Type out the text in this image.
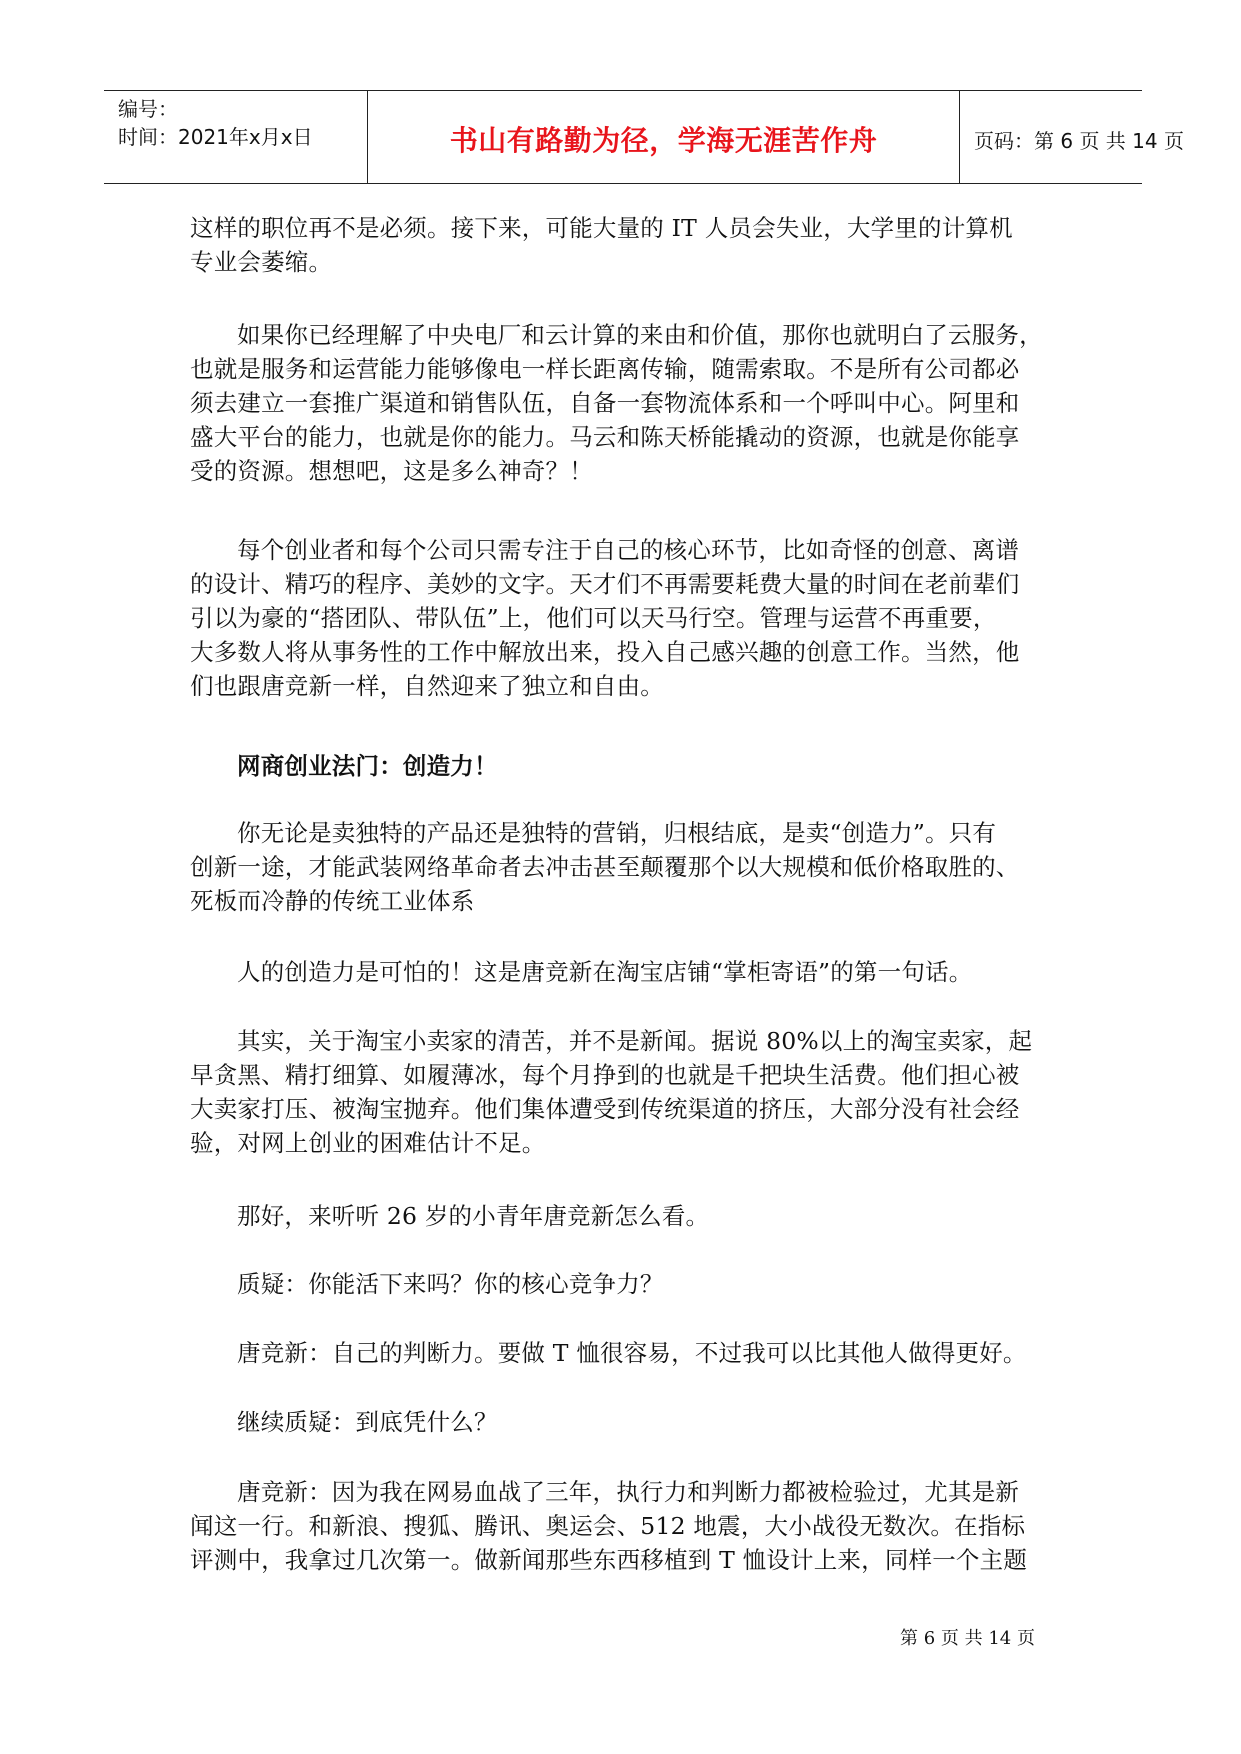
编号：
时间：2021年x月x日	书山有路勤为径，学海无涯苦作舟	页码：第 6 页 共 14 页

这样的职位再不是必须。接下来，可能大量的 IT 人员会失业，大学里的计算机
专业会萎缩。

如果你已经理解了中央电厂和云计算的来由和价值，那你也就明白了云服务，
也就是服务和运营能力能够像电一样长距离传输，随需索取。不是所有公司都必
须去建立一套推广渠道和销售队伍，自备一套物流体系和一个呼叫中心。阿里和
盛大平台的能力，也就是你的能力。马云和陈天桥能撬动的资源，也就是你能享
受的资源。想想吧，这是多么神奇？！

每个创业者和每个公司只需专注于自己的核心环节，比如奇怪的创意、离谱
的设计、精巧的程序、美妙的文字。天才们不再需要耗费大量的时间在老前辈们
引以为豪的“搭团队、带队伍”上，他们可以天马行空。管理与运营不再重要，
大多数人将从事务性的工作中解放出来，投入自己感兴趣的创意工作。当然，他
们也跟唐竞新一样，自然迎来了独立和自由。

网商创业法门：创造力！

你无论是卖独特的产品还是独特的营销，归根结底，是卖“创造力”。只有
创新一途，才能武装网络革命者去冲击甚至颠覆那个以大规模和低价格取胜的、
死板而冷静的传统工业体系

人的创造力是可怕的！这是唐竞新在淘宝店铺“掌柜寄语”的第一句话。

其实，关于淘宝小卖家的清苦，并不是新闻。据说 80%以上的淘宝卖家，起
早贪黑、精打细算、如履薄冰，每个月挣到的也就是千把块生活费。他们担心被
大卖家打压、被淘宝抛弃。他们集体遭受到传统渠道的挤压，大部分没有社会经
验，对网上创业的困难估计不足。

那好，来听听 26 岁的小青年唐竞新怎么看。

质疑：你能活下来吗？你的核心竞争力？

唐竞新：自己的判断力。要做 T 恤很容易，不过我可以比其他人做得更好。

继续质疑：到底凭什么？

唐竞新：因为我在网易血战了三年，执行力和判断力都被检验过，尤其是新
闻这一行。和新浪、搜狐、腾讯、奥运会、512 地震，大小战役无数次。在指标
评测中，我拿过几次第一。做新闻那些东西移植到 T 恤设计上来，同样一个主题

第 6 页 共 14 页
